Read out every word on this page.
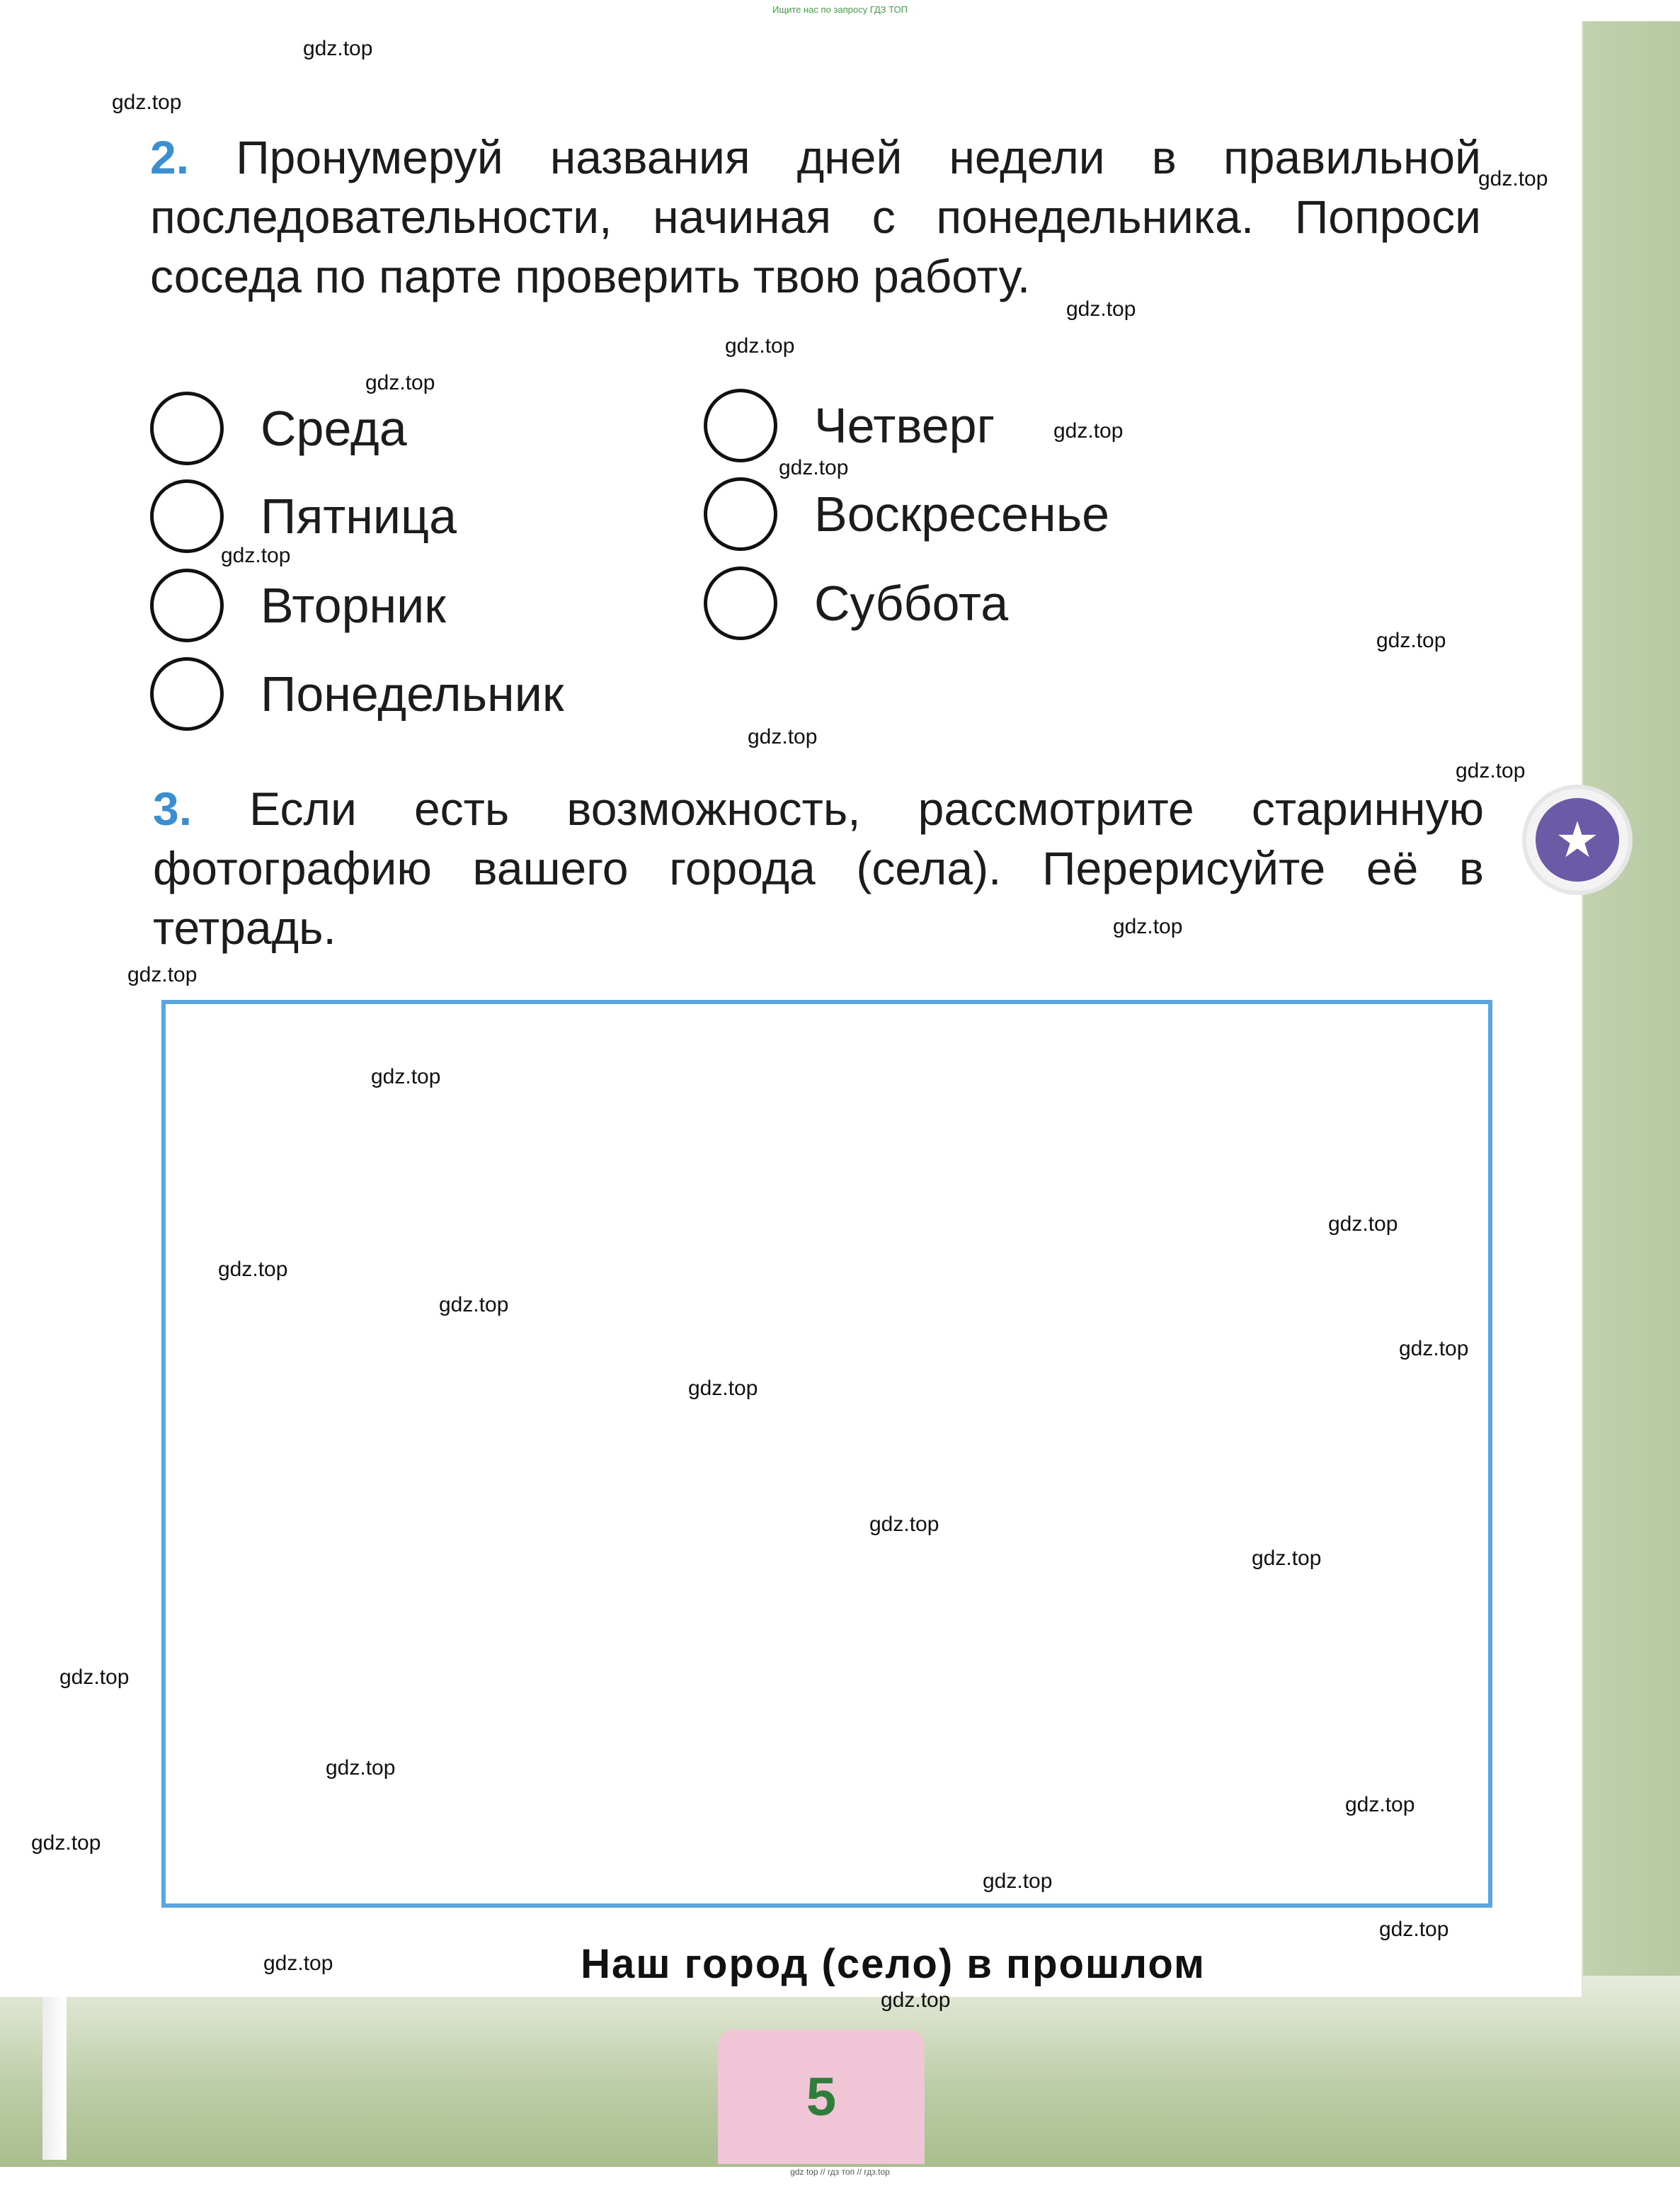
Ищите нас по запросу ГДЗ ТОП
2. Пронумеруй названия дней недели в правильной последовательности, начиная с понедельника. Попроси соседа по парте проверить твою работу.
Среда
Пятница
Вторник
Понедельник
Четверг
Воскресенье
Суббота
3. Если есть возможность, рассмотрите старинную фотографию вашего города (села). Перерисуйте её в тетрадь.
★
Наш город (село) в прошлом
5
gdz top // гдз топ // гдз.top
gdz.top
gdz.top
gdz.top
gdz.top
gdz.top
gdz.top
gdz.top
gdz.top
gdz.top
gdz.top
gdz.top
gdz.top
gdz.top
gdz.top
gdz.top
gdz.top
gdz.top
gdz.top
gdz.top
gdz.top
gdz.top
gdz.top
gdz.top
gdz.top
gdz.top
gdz.top
gdz.top
gdz.top
gdz.top
gdz.top
